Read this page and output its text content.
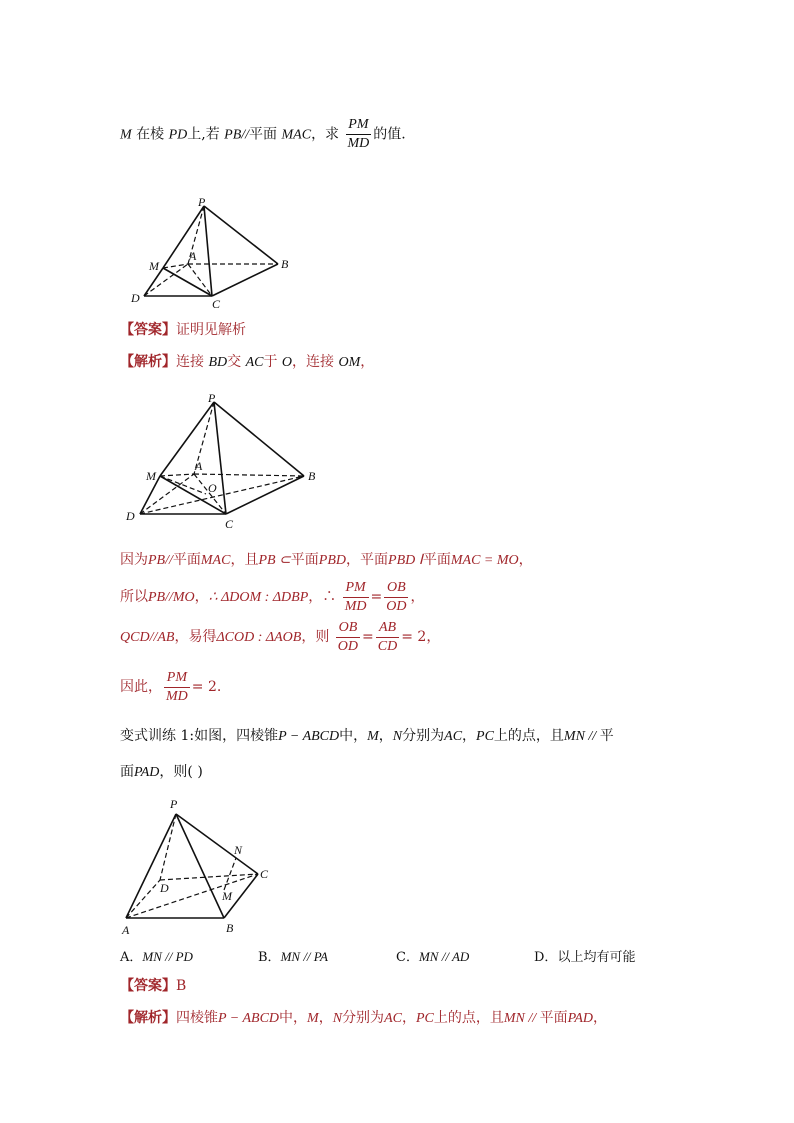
M 在棱 PD上,若 PB//平面 MAC，求 $\frac{PM}{MD}$ 的值.
P
A
B
M
D	C
【答案】证明见解析
【解析】连接 BD交 AC于 O，连接 OM，
P
A
B
M
O
D
C
因为PB//平面MAC，且PB ⊂平面PBD，平面PBD Ⅰ平面MAC = MO，
所以PB//MO，∴ ΔDOM : ΔDBP，∴ $\frac{PM}{MD} = \frac{OB}{OD}$ ，
QCD//AB，易得ΔCOD : ΔAOB，则 $\frac{OB}{OD} = \frac{AB}{CD} = 2$，
因此， $\frac{PM}{MD} = 2$.
变式训练 1:如图，四棱锥P − ABCD中，M，N分别为AC，PC上的点，且MN // 平
面PAD，则( )
P
N
C
D
M
A	B
A．MN // PD	B．MN // PA	C．MN // AD	D．以上均有可能
【答案】B
【解析】四棱锥P − ABCD中，M，N分别为AC，PC上的点，且MN // 平面PAD，
